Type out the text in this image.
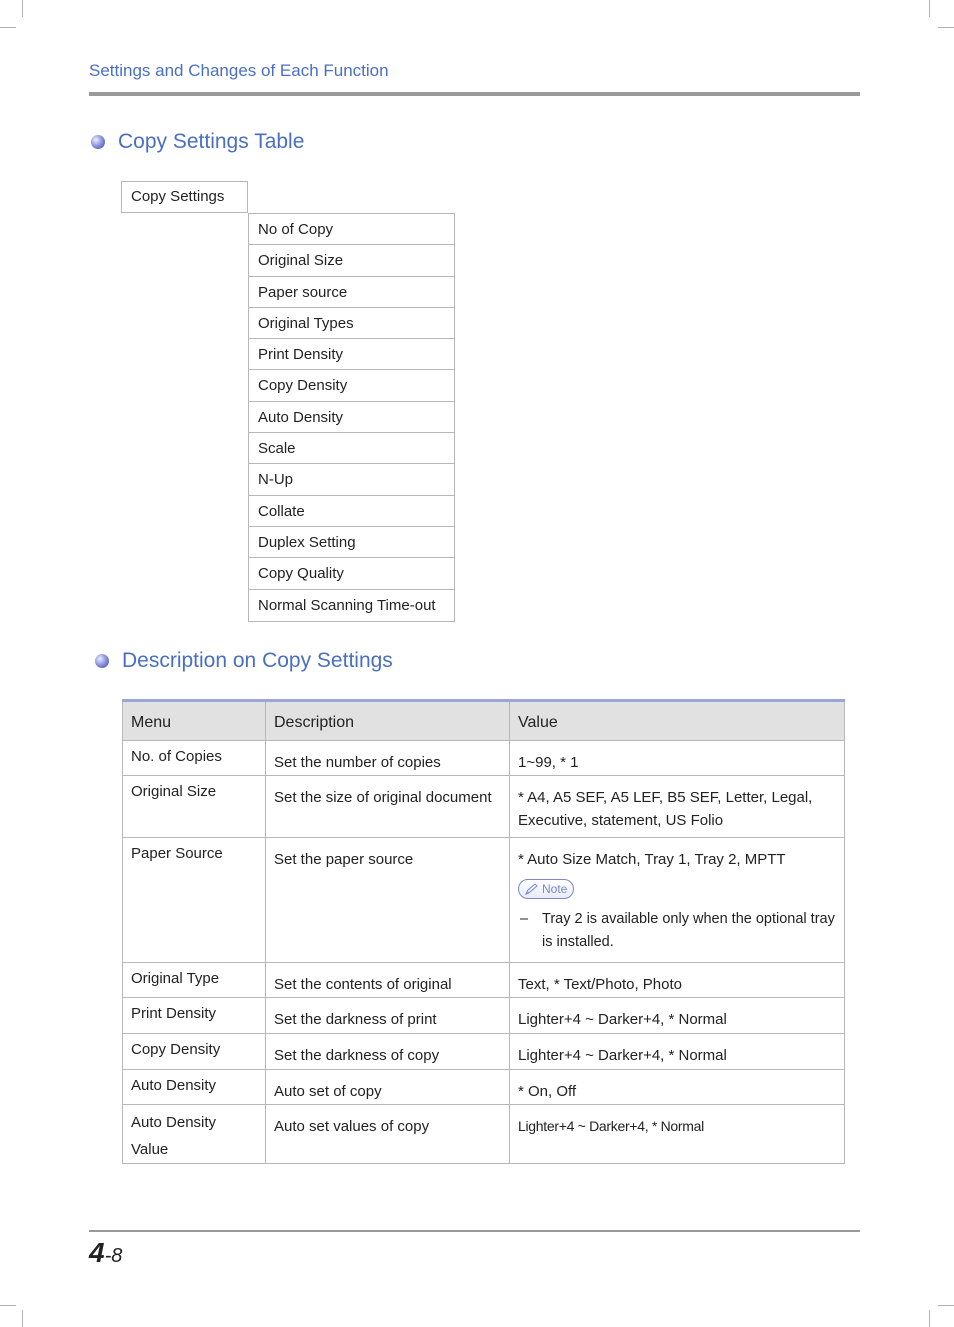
Settings and Changes of Each Function
Copy Settings Table
Copy Settings
No of Copy
Original Size
Paper source
Original Types
Print Density
Copy Density
Auto Density
Scale
N-Up
Collate
Duplex Setting
Copy Quality
Normal Scanning Time-out
Description on Copy Settings
Menu	Description	Value
No. of Copies	Set the number of copies	1~99, * 1

Original Size	Set the size of original document	* A4, A5 SEF, A5 LEF, B5 SEF, Letter, Legal, Executive, statement, US Folio

Paper Source	Set the paper source	* Auto Size Match, Tray 1, Tray 2, MPTT
Note
– Tray 2 is available only when the optional tray is installed.

Original Type	Set the contents of original	Text, * Text/Photo, Photo

Print Density	Set the darkness of print	Lighter+4 ~ Darker+4, * Normal

Copy Density	Set the darkness of copy	Lighter+4 ~ Darker+4, * Normal

Auto Density	Auto set of copy	* On, Off

Auto Density Value	Auto set values of copy	Lighter+4 ~ Darker+4, * Normal
4-8
